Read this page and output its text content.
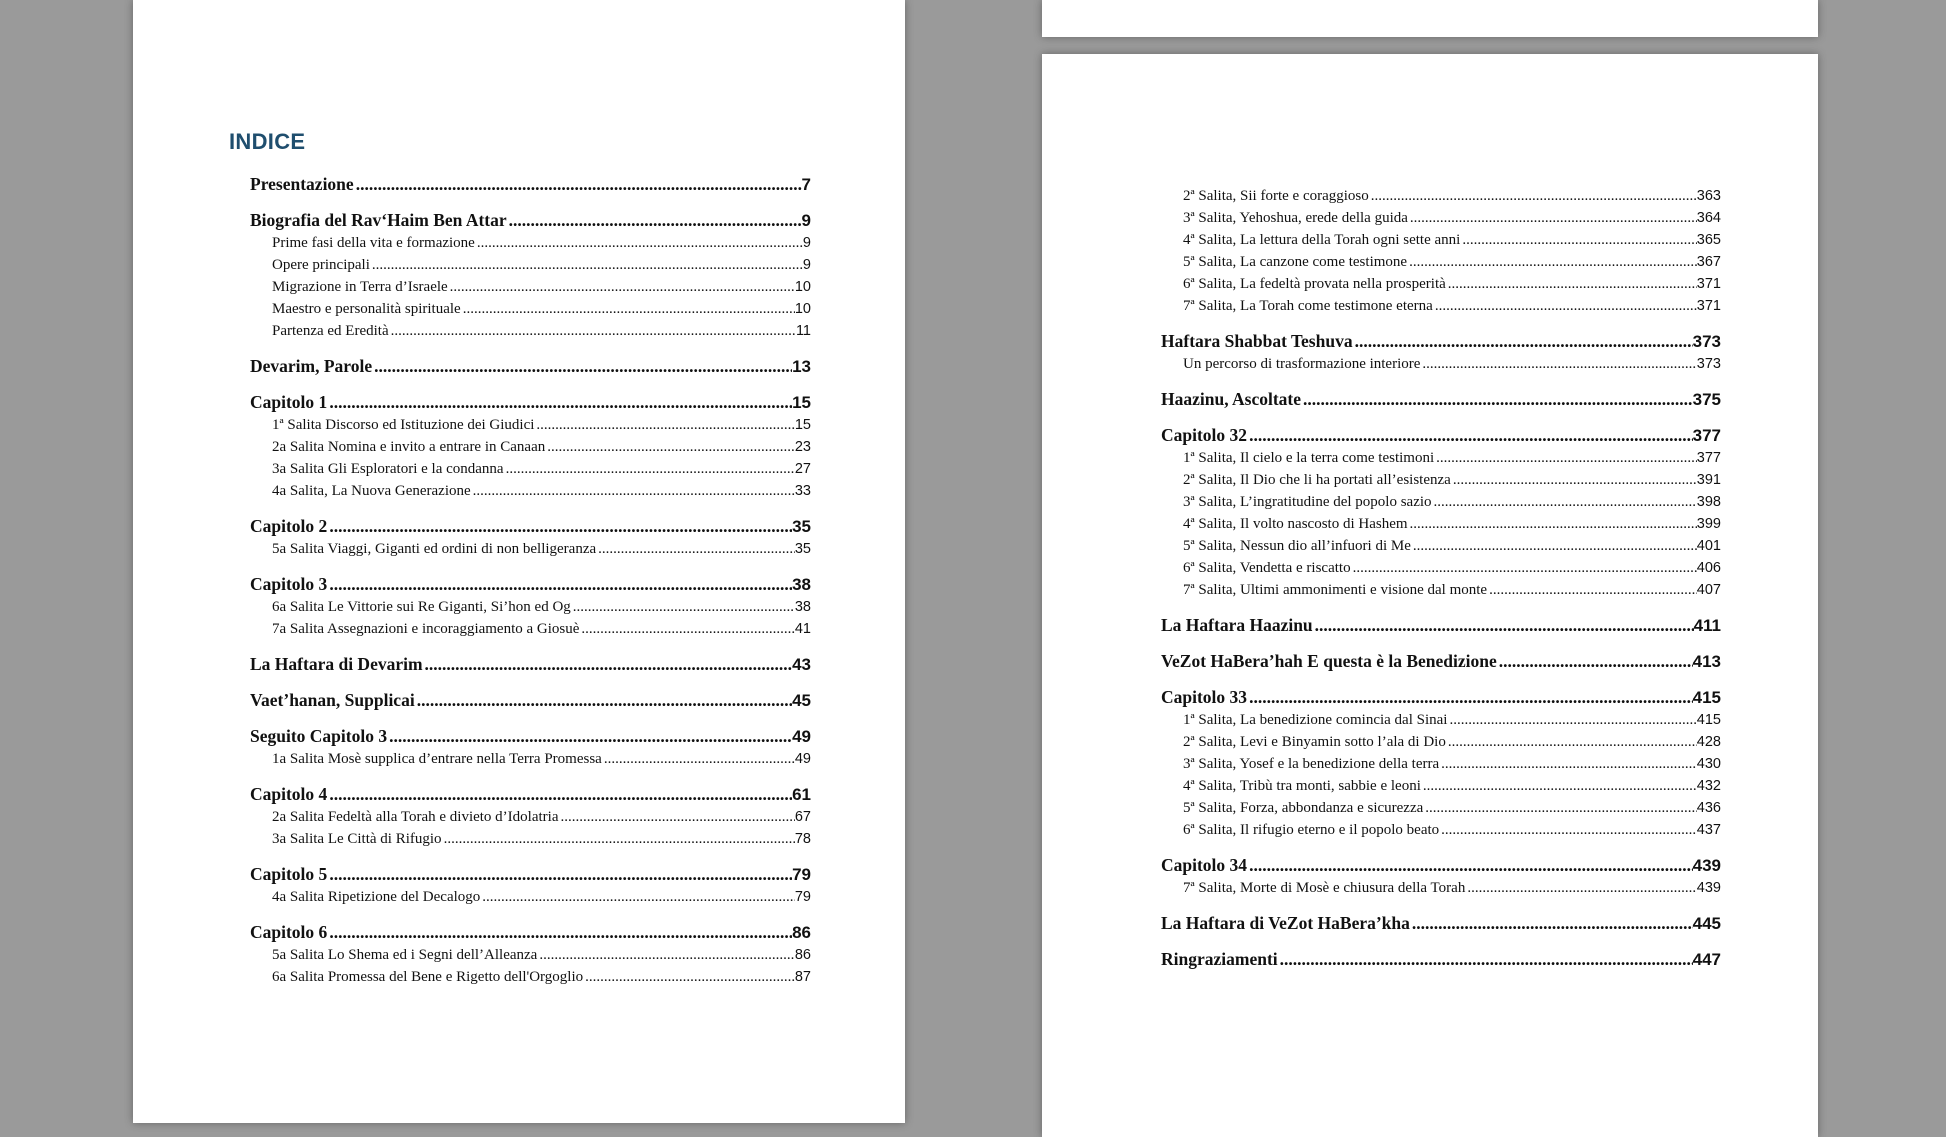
INDICE
Presentazione .....	7
Biografia del Rav‘Haim Ben Attar .....	9
Prime fasi della vita e formazione .....	9
Opere principali .....	9
Migrazione in Terra d’Israele .....	10
Maestro e personalità spirituale .....	10
Partenza ed Eredità .....	11
Devarim, Parole .....	13
Capitolo 1 .....	15
1ª Salita Discorso ed Istituzione dei Giudici .....	15
2a Salita Nomina e invito a entrare in Canaan .....	23
3a Salita Gli Esploratori e la condanna .....	27
4a Salita, La Nuova Generazione .....	33
Capitolo 2 .....	35
5a Salita Viaggi, Giganti ed ordini di non belligeranza .....	35
Capitolo 3 .....	38
6a Salita Le Vittorie sui Re Giganti, Si’hon ed Og .....	38
7a Salita Assegnazioni e incoraggiamento a Giosuè .....	41
La Haftara di Devarim .....	43
Vaet’hanan, Supplicai .....	45
Seguito Capitolo 3 .....	49
1a Salita Mosè supplica d’entrare nella Terra Promessa .....	49
Capitolo 4 .....	61
2a Salita Fedeltà alla Torah e divieto d’Idolatria .....	67
3a Salita Le Città di Rifugio .....	78
Capitolo 5 .....	79
4a Salita Ripetizione del Decalogo .....	79
Capitolo 6 .....	86
5a Salita Lo Shema ed i Segni dell’Alleanza .....	86
6a Salita Promessa del Bene e Rigetto dell'Orgoglio .....	87
2ª Salita, Sii forte e coraggioso .....	363
3ª Salita, Yehoshua, erede della guida .....	364
4ª Salita, La lettura della Torah ogni sette anni .....	365
5ª Salita, La canzone come testimone .....	367
6ª Salita, La fedeltà provata nella prosperità .....	371
7ª Salita, La Torah come testimone eterna .....	371
Haftara Shabbat Teshuva .....	373
Un percorso di trasformazione interiore .....	373
Haazinu, Ascoltate .....	375
Capitolo 32 .....	377
1ª Salita, Il cielo e la terra come testimoni .....	377
2ª Salita, Il Dio che li ha portati all’esistenza .....	391
3ª Salita, L’ingratitudine del popolo sazio .....	398
4ª Salita, Il volto nascosto di Hashem .....	399
5ª Salita, Nessun dio all’infuori di Me .....	401
6ª Salita, Vendetta e riscatto .....	406
7ª Salita, Ultimi ammonimenti e visione dal monte .....	407
La Haftara Haazinu .....	411
VeZot HaBera’hah E questa è la Benedizione .....	413
Capitolo 33 .....	415
1ª Salita, La benedizione comincia dal Sinai .....	415
2ª Salita, Levi e Binyamin sotto l’ala di Dio .....	428
3ª Salita, Yosef e la benedizione della terra .....	430
4ª Salita, Tribù tra monti, sabbie e leoni .....	432
5ª Salita, Forza, abbondanza e sicurezza .....	436
6ª Salita, Il rifugio eterno e il popolo beato .....	437
Capitolo 34 .....	439
7ª Salita, Morte di Mosè e chiusura della Torah .....	439
La Haftara di VeZot HaBera’kha .....	445
Ringraziamenti .....	447
